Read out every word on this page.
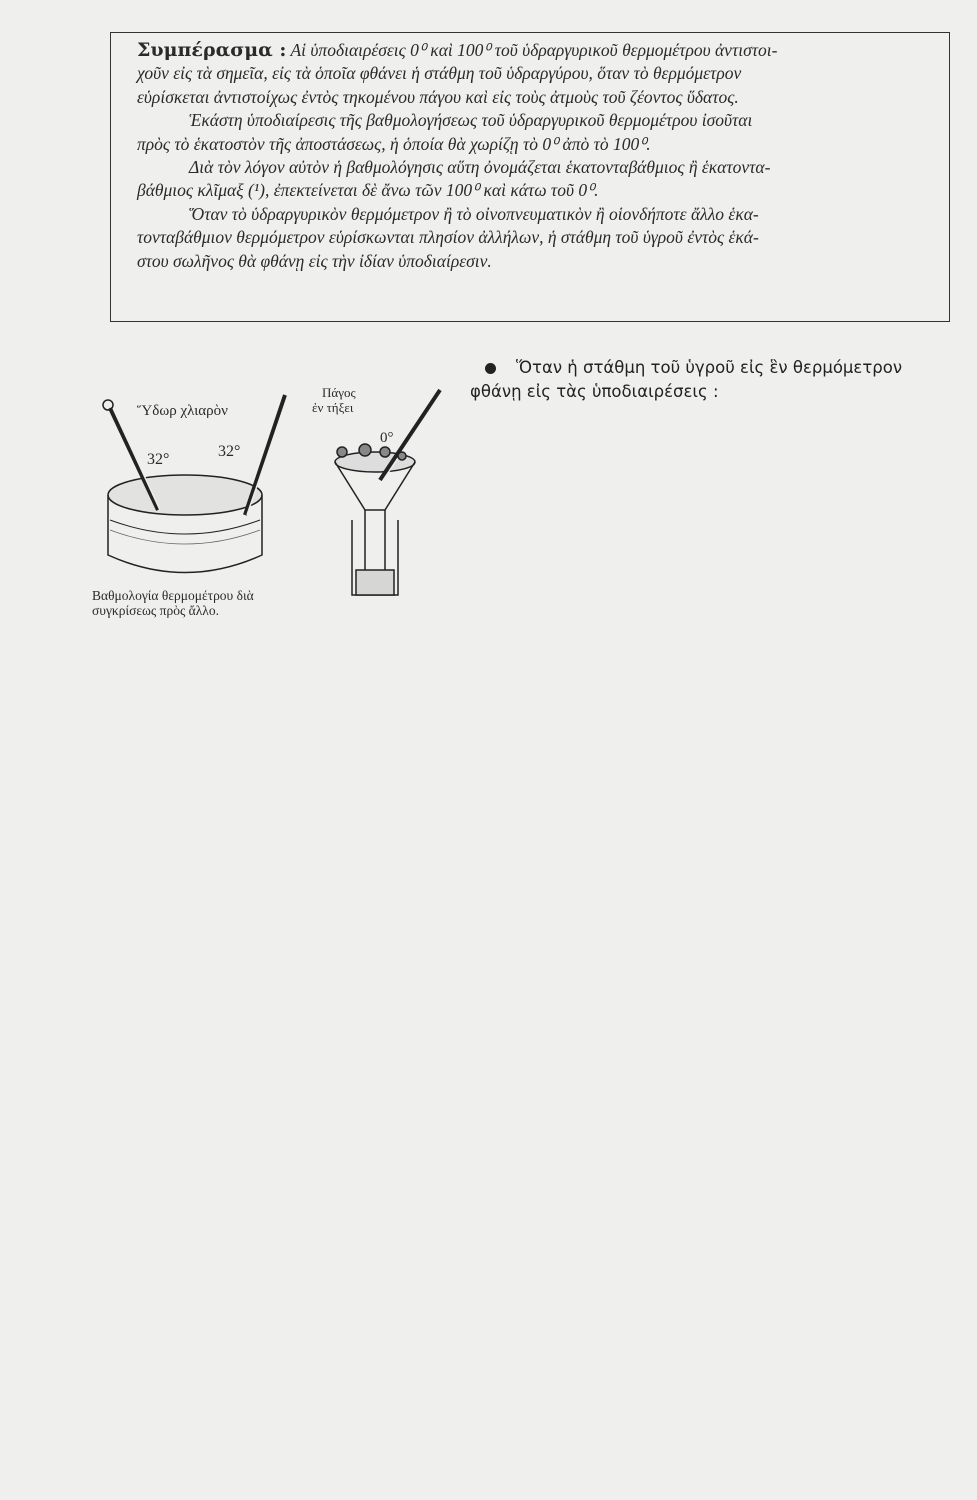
Συμπέρασμα : Αἱ ὑποδιαιρέσεις 0⁰ καὶ 100⁰ τοῦ ὑδραργυρικοῦ θερμομέτρου ἀντιστοι-

χοῦν εἰς τὰ σημεῖα, εἰς τὰ ὁποῖα φθάνει ἡ στάθμη τοῦ ὑδραργύρου, ὅταν τὸ θερμόμετρον

εὑρίσκεται ἀντιστοίχως ἐντὸς τηκομένου πάγου καὶ εἰς τοὺς ἀτμοὺς τοῦ ζέοντος ὕδατος.

Ἑκάστη ὑποδιαίρεσις τῆς βαθμολογήσεως τοῦ ὑδραργυρικοῦ θερμομέτρου ἰσοῦται

πρὸς τὸ ἑκατοστὸν τῆς ἀποστάσεως, ἡ ὁποία θὰ χωρίζῃ τὸ 0⁰ ἀπὸ τὸ 100⁰.

Διὰ τὸν λόγον αὐτὸν ἡ βαθμολόγησις αὕτη ὀνομάζεται ἑκατονταβάθμιος ἢ ἑκατοντα-

βάθμιος κλῖμαξ (¹), ἐπεκτείνεται δὲ ἄνω τῶν 100⁰ καὶ κάτω τοῦ 0⁰.

Ὅταν τὸ ὑδραργυρικὸν θερμόμετρον ἢ τὸ οἰνοπνευματικὸν ἢ οἱονδήποτε ἄλλο ἑκα-

τονταβάθμιον θερμόμετρον εὑρίσκωνται πλησίον ἀλλήλων, ἡ στάθμη τοῦ ὑγροῦ ἐντὸς ἑκά-

στου σωλῆνος θὰ φθάνῃ εἰς τὴν ἰδίαν ὑποδιαίρεσιν.

Ὕδωρ χλιαρὸν
Πάγος
ἐν τήξει
32°	32°
0°
Βαθμολογία θερμομέτρου διὰ
συγκρίσεως πρὸς ἄλλο.
Ὅταν ἡ στάθμη τοῦ ὑγροῦ εἰς ἓν θερμόμετρον
φθάνῃ εἰς τὰς ὑποδιαιρέσεις :
